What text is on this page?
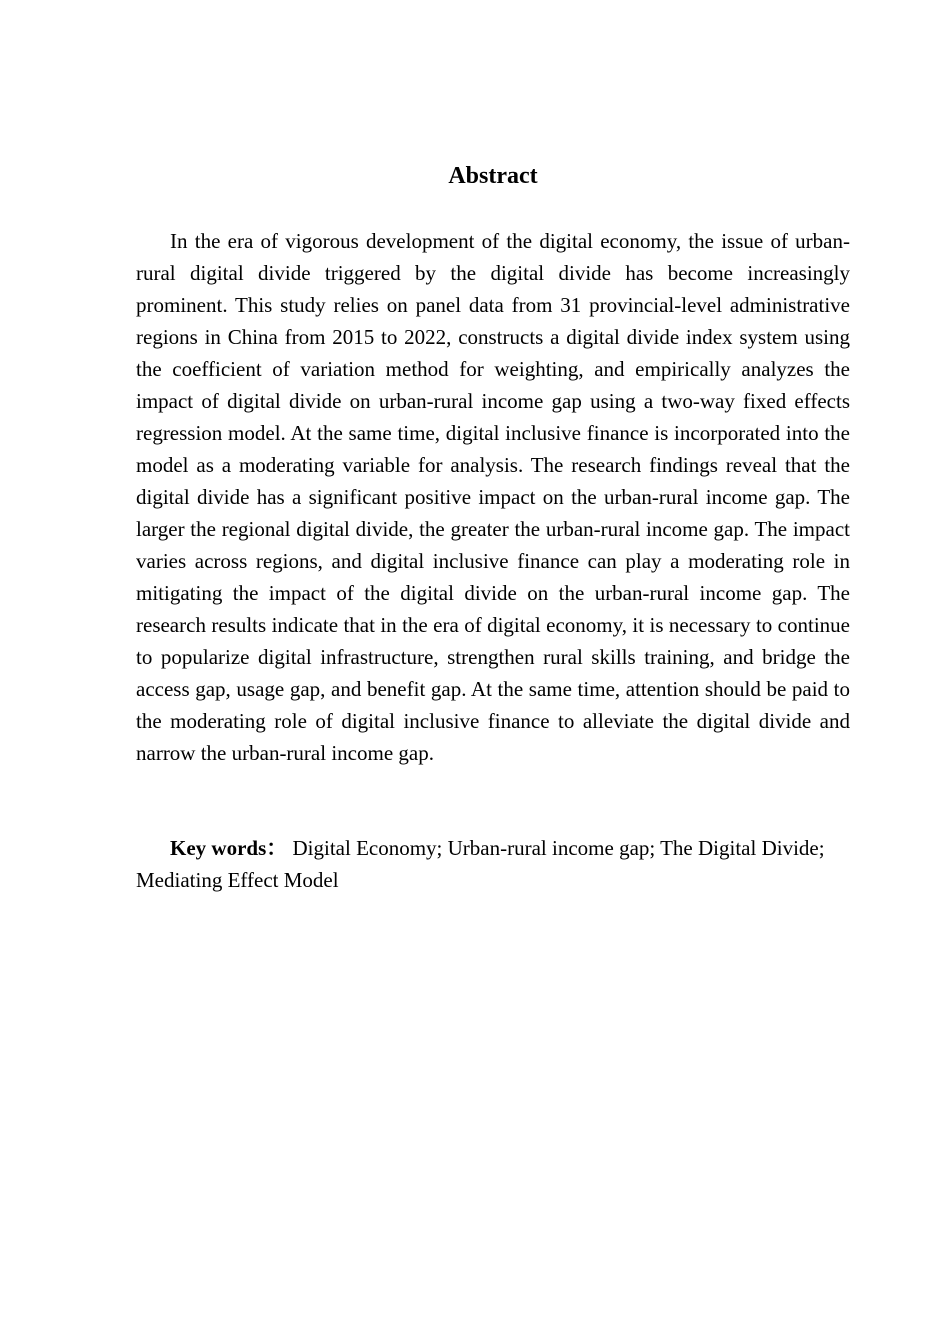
Abstract

In the era of vigorous development of the digital economy, the issue of urban-rural digital divide triggered by the digital divide has become increasingly prominent. This study relies on panel data from 31 provincial-level administrative regions in China from 2015 to 2022, constructs a digital divide index system using the coefficient of variation method for weighting, and empirically analyzes the impact of digital divide on urban-rural income gap using a two-way fixed effects regression model. At the same time, digital inclusive finance is incorporated into the model as a moderating variable for analysis. The research findings reveal that the digital divide has a significant positive impact on the urban-rural income gap. The larger the regional digital divide, the greater the urban-rural income gap. The impact varies across regions, and digital inclusive finance can play a moderating role in mitigating the impact of the digital divide on the urban-rural income gap. The research results indicate that in the era of digital economy, it is necessary to continue to popularize digital infrastructure, strengthen rural skills training, and bridge the access gap, usage gap, and benefit gap. At the same time, attention should be paid to the moderating role of digital inclusive finance to alleviate the digital divide and narrow the urban-rural income gap.

Key words： Digital Economy; Urban-rural income gap; The Digital Divide; Mediating Effect Model
